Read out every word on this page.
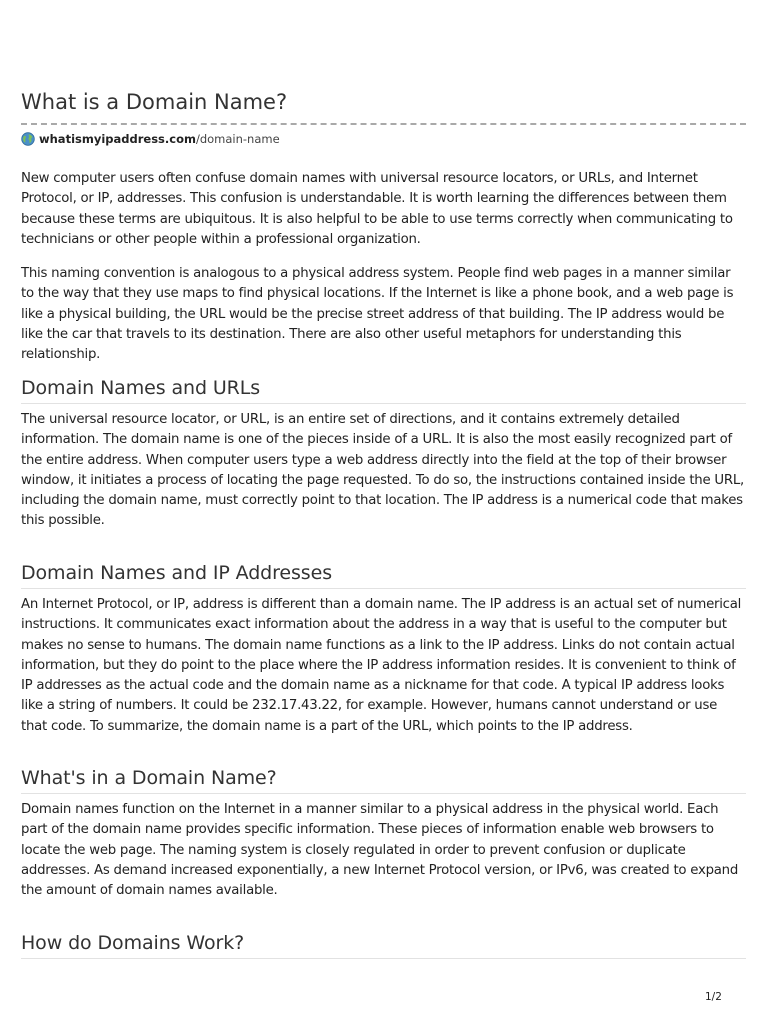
What is a Domain Name?
whatismyipaddress.com /domain-name

New computer users often confuse domain names with universal resource locators, or URLs, and Internet Protocol, or IP, addresses. This confusion is understandable. It is worth learning the differences between them because these terms are ubiquitous. It is also helpful to be able to use terms correctly when communicating to technicians or other people within a professional organization.

This naming convention is analogous to a physical address system. People find web pages in a manner similar to the way that they use maps to find physical locations. If the Internet is like a phone book, and a web page is like a physical building, the URL would be the precise street address of that building. The IP address would be like the car that travels to its destination. There are also other useful metaphors for understanding this relationship.

Domain Names and URLs

The universal resource locator, or URL, is an entire set of directions, and it contains extremely detailed information. The domain name is one of the pieces inside of a URL. It is also the most easily recognized part of the entire address. When computer users type a web address directly into the field at the top of their browser window, it initiates a process of locating the page requested. To do so, the instructions contained inside the URL, including the domain name, must correctly point to that location. The IP address is a numerical code that makes this possible.

Domain Names and IP Addresses

An Internet Protocol, or IP, address is different than a domain name. The IP address is an actual set of numerical instructions. It communicates exact information about the address in a way that is useful to the computer but makes no sense to humans. The domain name functions as a link to the IP address. Links do not contain actual information, but they do point to the place where the IP address information resides. It is convenient to think of IP addresses as the actual code and the domain name as a nickname for that code. A typical IP address looks like a string of numbers. It could be 232.17.43.22, for example. However, humans cannot understand or use that code. To summarize, the domain name is a part of the URL, which points to the IP address.

What's in a Domain Name?

Domain names function on the Internet in a manner similar to a physical address in the physical world. Each part of the domain name provides specific information. These pieces of information enable web browsers to locate the web page. The naming system is closely regulated in order to prevent confusion or duplicate addresses. As demand increased exponentially, a new Internet Protocol version, or IPv6, was created to expand the amount of domain names available.

How do Domains Work?
1/2
